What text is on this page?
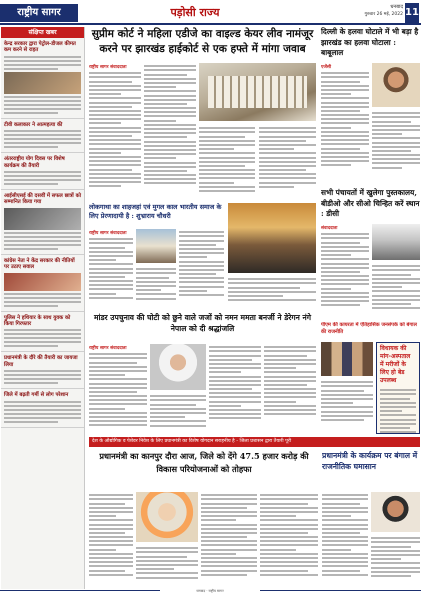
राष्ट्रीय सागर	पड़ोसी राज्य	धनबाद
गुरुवार 26 मई, 2022 11
संक्षिप्त खबर
केन्द्र सरकार द्वारा पेट्रोल-डीजल कीमत कम करने से राहत
टीवी कलाकार ने आत्महत्या की
अंतरराष्ट्रीय योग दिवस पर विशेष कार्यक्रम की तैयारी
आईसीएसई की दसवीं में सफल छात्रों को सम्मानित किया गया
कांग्रेस नेता ने केंद्र सरकार की नीतियों पर उठाए सवाल
पुलिस ने हथियार के साथ युवक को किया गिरफ्तार
प्रधानमंत्री के दौरे की तैयारी का जायजा लिया
जिले में बढ़ती गर्मी से लोग परेशान
सुप्रीम कोर्ट ने महिला एडीजे का वाइल्ड केयर लीव नामंजूर करने पर झारखंड हाईकोर्ट से एक हफ्ते में मांगा जवाब
दिल्ली के हलवा घोटाले में भी बड़ा है झारखंड का हलवा घोटाला : बाबूलाल
राष्ट्रीय सागर संवाददाता	एजेंसी
लोकगाथा का शाहजहां एवं मुगल काल भारतीय समाज के लिए प्रेरणादायी है : शुभ्राराय चौधरी
राष्ट्रीय सागर संवाददाता
सभी पंचायतों में खुलेगा पुस्तकालय, बीडीओ और सीओ चिन्हित करें स्थान : डीसी
संवाददाता
मांडर उपचुनाव की घोटी को छुने वाले जजों को नमन ममता बनर्जी ने डेरेगन नंगे नेपाल को दी श्रद्धांजलि
राष्ट्रीय सागर संवाददाता
पीएम की कायरता में ऐतिहासिक जनसंपर्क को बंगाल की राजनीति
विधायक की मांग-अस्पताल में मरीजों के लिए हो बेड उपलब्ध
देश के औद्योगिक व पेशेवर निवेश के लिए प्रधानमंत्री का विशेष योगदान सराहनीय है - जिला प्रशासन द्वारा तैयारी पूरी
प्रधानमंत्री का कानपुर दौरा आज, जिले को देंगे 47.5 हजार करोड़ की विकास परियोजनाओं को तोहफा
प्रधानमंत्री के कार्यक्रम पर बंगाल में राजनीतिक घमासान
धनबाद · राष्ट्रीय सागर
